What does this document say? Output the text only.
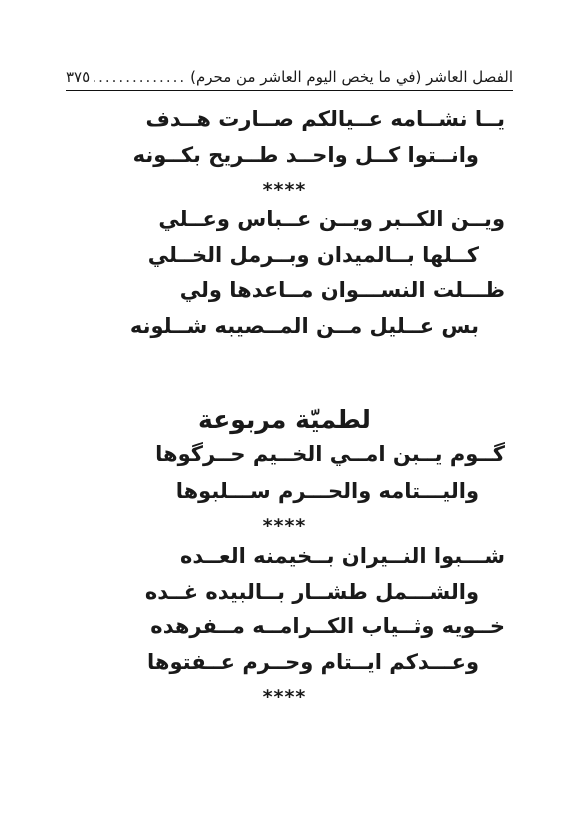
الفصل العاشر (في ما يخص اليوم العاشر من محرم)
.....
٣٧٥
يــا نشــامه عــيالكم صــارت هــدف
وانــتوا كــل واحــد طــريح بكــونه
****
ويــن الكــبر ويــن عــباس وعــلي
كــلها بــالميدان وبــرمل الخــلي
ظـــلت النســـوان مــاعدها ولي
بس عــليل مــن المــصيبه شــلونه
لطميّة مربوعة
گــوم يــبن امــي الخــيم حــرگوها
واليـــتامه والحـــرم ســـلبوها
****
شـــبوا النــيران بــخيمنه العــده
والشـــمل طشــار بــالبيده غــده
خــويه وثــياب الكــرامــه مــفرهده
وعـــدكم ايــتام وحــرم عــفتوها
****
